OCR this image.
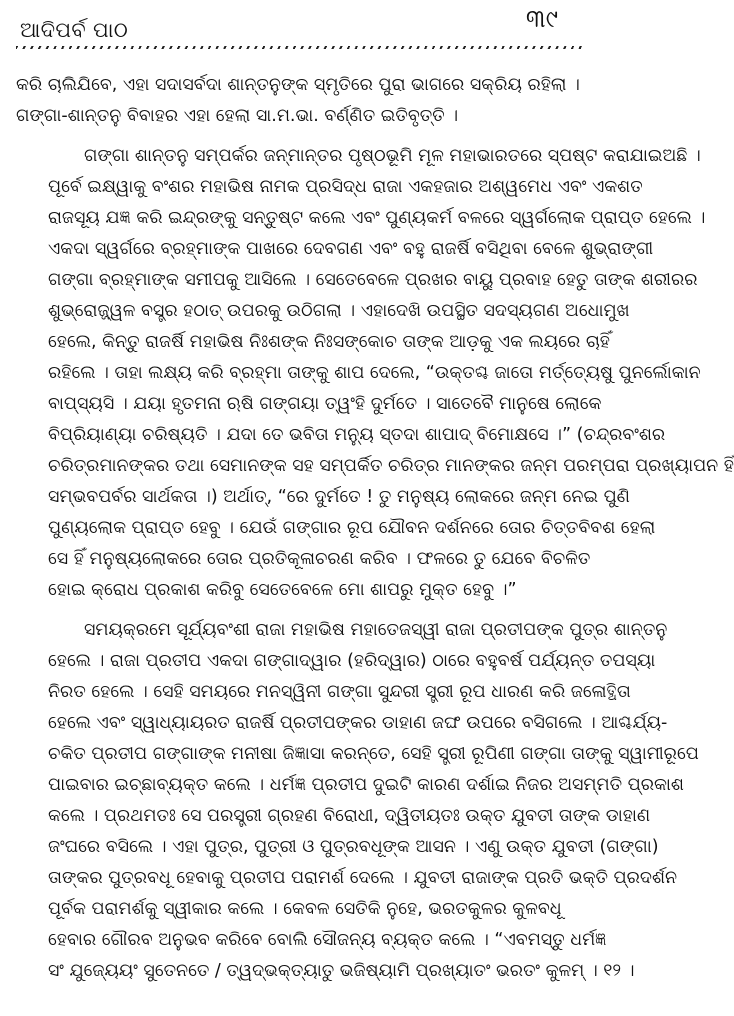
ଆଦିପର୍ବ ପାଠ	୩୯

କରି ଚାଲିଯିବେ, ଏହା ସଦାସର୍ବଦା ଶାନ୍ତନୁଙ୍କ ସ୍ମୃତିରେ ପୁରା ଭାଗରେ ସକ୍ରିୟ ରହିଲା ।
ଗଙ୍ଗା-ଶାନ୍ତନୁ ବିବାହର ଏହା ହେଲା ସା.ମ.ଭା. ବର୍ଣ୍ଣିତ ଇତିବୃତ୍ତି ।

ଗଙ୍ଗା ଶାନ୍ତନୁ ସମ୍ପର୍କର ଜନ୍ମାନ୍ତର ପୃଷ୍ଠଭୂମି ମୂଳ ମହାଭାରତରେ ସ୍ପଷ୍ଟ କରାଯାଇଅଛି ।
ପୂର୍ବେ ଇକ୍ଷ୍ୱାକୁ ବଂଶର ମହାଭିଷ ନାମକ ପ୍ରସିଦ୍ଧ ରାଜା ଏକହଜାର ଅଶ୍ୱମେଧ ଏବଂ ଏକଶତ
ରାଜସୂୟ ଯଜ୍ଞ କରି ଇନ୍ଦ୍ରଙ୍କୁ ସନ୍ତୁଷ୍ଟ କଲେ ଏବଂ ପୁଣ୍ୟକର୍ମ ବଳରେ ସ୍ୱର୍ଗଲୋକ ପ୍ରାପ୍ତ ହେଲେ ।
ଏକଦା ସ୍ୱର୍ଗରେ ବ୍ରହ୍ମାଙ୍କ ପାଖରେ ଦେବଗଣ ଏବଂ ବହୁ ରାଜର୍ଷି ବସିଥିବା ବେଳେ ଶୁଭ୍ରାଙ୍ଗୀ
ଗଙ୍ଗା ବ୍ରହ୍ମାଙ୍କ ସମୀପକୁ ଆସିଲେ । ସେତେବେଳେ ପ୍ରଖର ବାୟୁ ପ୍ରବାହ ହେତୁ ତାଙ୍କ ଶରୀରର
ଶୁଭ୍ରୋଜ୍ଜ୍ୱଳ ବସ୍ତ୍ର ହଠାତ୍ ଉପରକୁ ଉଠିଗଲା । ଏହାଦେଖି ଉପସ୍ଥିତ ସଦସ୍ୟଗଣ ଅଧୋମୁଖ
ହେଲେ, କିନ୍ତୁ ରାଜର୍ଷି ମହାଭିଷ ନିଃଶଙ୍କ ନିଃସଙ୍କୋଚ ତାଙ୍କ ଆଡ଼କୁ ଏକ ଲୟରେ ଚାହିଁ
ରହିଲେ । ତାହା ଲକ୍ଷ୍ୟ କରି ବ୍ରହ୍ମା ତାଙ୍କୁ ଶାପ ଦେଲେ, “ଉକ୍ତଶ୍ଚ ଜାତୋ ମର୍ତ୍ତ୍ୟେଷୁ ପୁନର୍ଲୋକାନ
ବାପ୍ସ୍ୟସି । ଯୟା ହୃତମନା ଋଷି ଗଙ୍ଗୟା ତ୍ୱଂହି ଦୁର୍ମତେ । ସାତେବୈ ମାନୁଷେ ଲୋକେ
ବିପ୍ରିୟାଣ୍ୟା ଚରିଷ୍ୟତି । ଯଦା ତେ ଭବିତା ମନ୍ୟୁ ସ୍ତଦା ଶାପାଦ୍ ବିମୋକ୍ଷସେ ।” (ଚନ୍ଦ୍ରବଂଶର
ଚରିତ୍ରମାନଙ୍କର ତଥା ସେମାନଙ୍କ ସହ ସମ୍ପର୍କିତ ଚରିତ୍ର ମାନଙ୍କର ଜନ୍ମ ପରମ୍ପରା ପ୍ରଖ୍ୟାପନ ହିଁ
ସମ୍ଭବପର୍ବର ସାର୍ଥକତା ।) ଅର୍ଥାତ୍, “ରେ ଦୁର୍ମତେ ! ତୁ ମନୁଷ୍ୟ ଲୋକରେ ଜନ୍ମ ନେଇ ପୁଣି
ପୁଣ୍ୟଲୋକ ପ୍ରାପ୍ତ ହେବୁ । ଯେଉଁ ଗଙ୍ଗାର ରୂପ ଯୌବନ ଦର୍ଶନରେ ତୋର ଚିତ୍ତବିବଶ ହେଲା
ସେ ହିଁ ମନୁଷ୍ୟଲୋକରେ ତୋର ପ୍ରତିକୂଳାଚରଣ କରିବ । ଫଳରେ ତୁ ଯେବେ ବିଚଳିତ
ହୋଇ କ୍ରୋଧ ପ୍ରକାଶ କରିବୁ ସେତେବେଳେ ମୋ ଶାପରୁ ମୁକ୍ତ ହେବୁ ।”

ସମୟକ୍ରମେ ସୂର୍ଯ୍ୟବଂଶୀ ରାଜା ମହାଭିଷ ମହାତେଜସ୍ୱୀ ରାଜା ପ୍ରତୀପଙ୍କ ପୁତ୍ର ଶାନ୍ତନୁ
ହେଲେ । ରାଜା ପ୍ରତୀପ ଏକଦା ଗଙ୍ଗାଦ୍ୱାର (ହରିଦ୍ୱାର) ଠାରେ ବହୁବର୍ଷ ପର୍ଯ୍ୟନ୍ତ ତପସ୍ୟା
ନିରତ ହେଲେ । ସେହି ସମୟରେ ମନସ୍ୱିନୀ ଗଙ୍ଗା ସୁନ୍ଦରୀ ସ୍ତ୍ରୀ ରୂପ ଧାରଣ କରି ଜଳୋତ୍ଥିତା
ହେଲେ ଏବଂ ସ୍ୱାଧ୍ୟାୟରତ ରାଜର୍ଷି ପ୍ରତୀପଙ୍କର ଡାହାଣ ଜଙ୍ଘ ଉପରେ ବସିଗଲେ । ଆଶ୍ଚର୍ଯ୍ୟ-
ଚକିତ ପ୍ରତୀପ ଗଙ୍ଗାଙ୍କ ମନୀଷା ଜିଜ୍ଞାସା କରନ୍ତେ, ସେହି ସ୍ତ୍ରୀ ରୂପିଣୀ ଗଙ୍ଗା ତାଙ୍କୁ ସ୍ୱାମୀରୂପେ
ପାଇବାର ଇଚ୍ଛାବ୍ୟକ୍ତ କଲେ । ଧର୍ମଜ୍ଞ ପ୍ରତୀପ ଦୁଇଟି କାରଣ ଦର୍ଶାଇ ନିଜର ଅସମ୍ମତି ପ୍ରକାଶ
କଲେ । ପ୍ରଥମତଃ ସେ ପରସ୍ତ୍ରୀ ଗ୍ରହଣ ବିରୋଧୀ, ଦ୍ୱିତୀୟତଃ ଉକ୍ତ ଯୁବତୀ ତାଙ୍କ ଡାହାଣ
ଜଂଘରେ ବସିଲେ । ଏହା ପୁତ୍ର, ପୁତ୍ରୀ ଓ ପୁତ୍ରବଧୂଙ୍କ ଆସନ । ଏଣୁ ଉକ୍ତ ଯୁବତୀ (ଗଙ୍ଗା)
ତାଙ୍କର ପୁତ୍ରବଧୂ ହେବାକୁ ପ୍ରତୀପ ପରାମର୍ଶ ଦେଲେ । ଯୁବତୀ ରାଜାଙ୍କ ପ୍ରତି ଭକ୍ତି ପ୍ରଦର୍ଶନ
ପୂର୍ବକ ପରାମର୍ଶକୁ ସ୍ୱୀକାର କଲେ । କେବଳ ସେତିକି ନୁହେ, ଭରତକୁଳର କୁଳବଧୂ
ହେବାର ଗୌରବ ଅନୁଭବ କରିବେ ବୋଲି ସୌଜନ୍ୟ ବ୍ୟକ୍ତ କଲେ । “ଏବମସ୍ତୁ ଧର୍ମଜ୍ଞ
ସଂ ଯୁଜ୍ୟେୟଂ ସୁତେନତେ / ତ୍ୱଦ୍ଭକ୍ତ୍ୟାତୁ ଭଜିଷ୍ୟାମି ପ୍ରଖ୍ୟାତଂ ଭରତଂ କୁଳମ୍ । ୧୨ ।
